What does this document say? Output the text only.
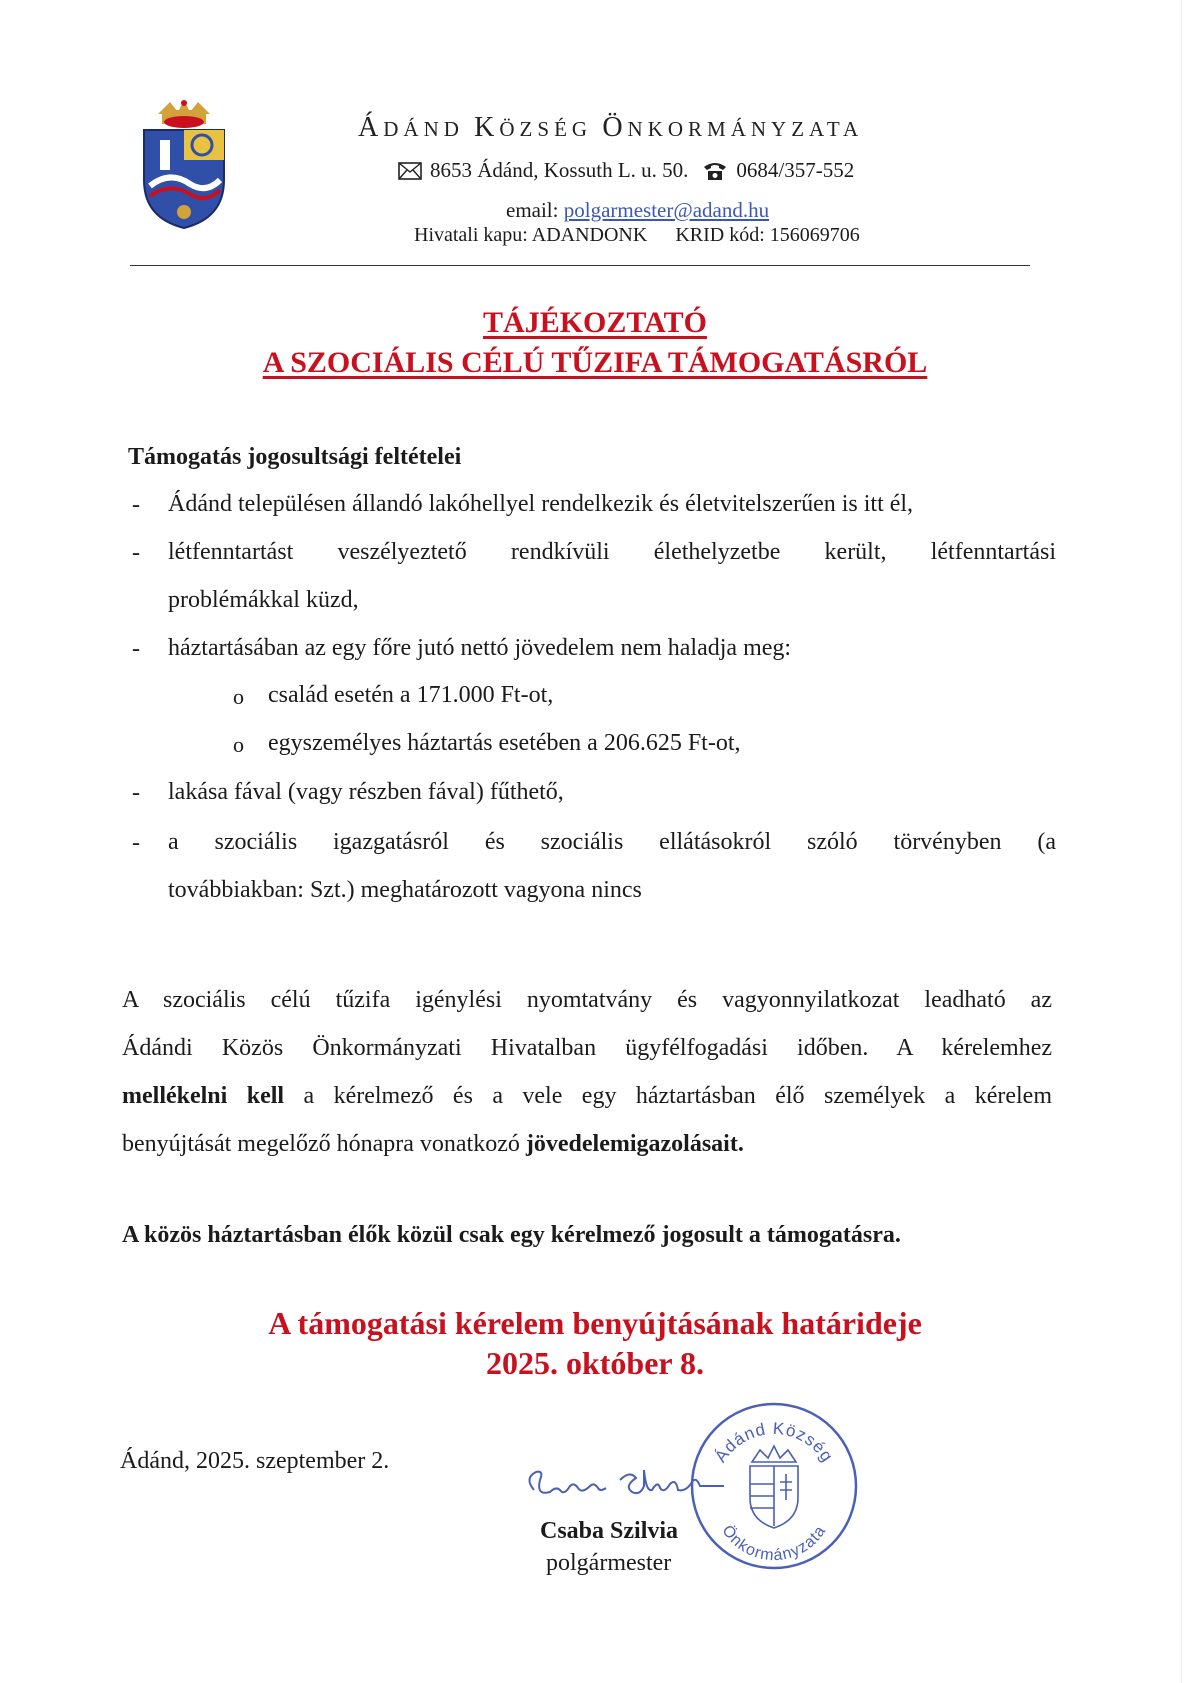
ÁDÁND KÖZSÉG ÖNKORMÁNYZATA
8653 Ádánd, Kossuth L. u. 50. 0684/357-552
email: polgarmester@adand.hu
Hivatali kapu: ADANDONK KRID kód: 156069706
TÁJÉKOZTATÓ
A SZOCIÁLIS CÉLÚ TŰZIFA TÁMOGATÁSRÓL
Támogatás jogosultsági feltételei
- Ádánd településen állandó lakóhellyel rendelkezik és életvitelszerűen is itt él,
- létfenntartást veszélyeztető rendkívüli élethelyzetbe került, létfenntartási
problémákkal küzd,
- háztartásában az egy főre jutó nettó jövedelem nem haladja meg:
o család esetén a 171.000 Ft-ot,
o egyszemélyes háztartás esetében a 206.625 Ft-ot,
- lakása fával (vagy részben fával) fűthető,
- a szociális igazgatásról és szociális ellátásokról szóló törvényben (a
továbbiakban: Szt.) meghatározott vagyona nincs
A szociális célú tűzifa igénylési nyomtatvány és vagyonnyilatkozat leadható az
Ádándi Közös Önkormányzati Hivatalban ügyfélfogadási időben. A kérelemhez
mellékelni kell a kérelmező és a vele egy háztartásban élő személyek a kérelem
benyújtását megelőző hónapra vonatkozó jövedelemigazolásait.
A közös háztartásban élők közül csak egy kérelmező jogosult a támogatásra.
A támogatási kérelem benyújtásának határideje
2025. október 8.
Ádánd, 2025. szeptember 2.	Ádánd Község
Önkormányzata
Csaba Szilvia
polgármester
